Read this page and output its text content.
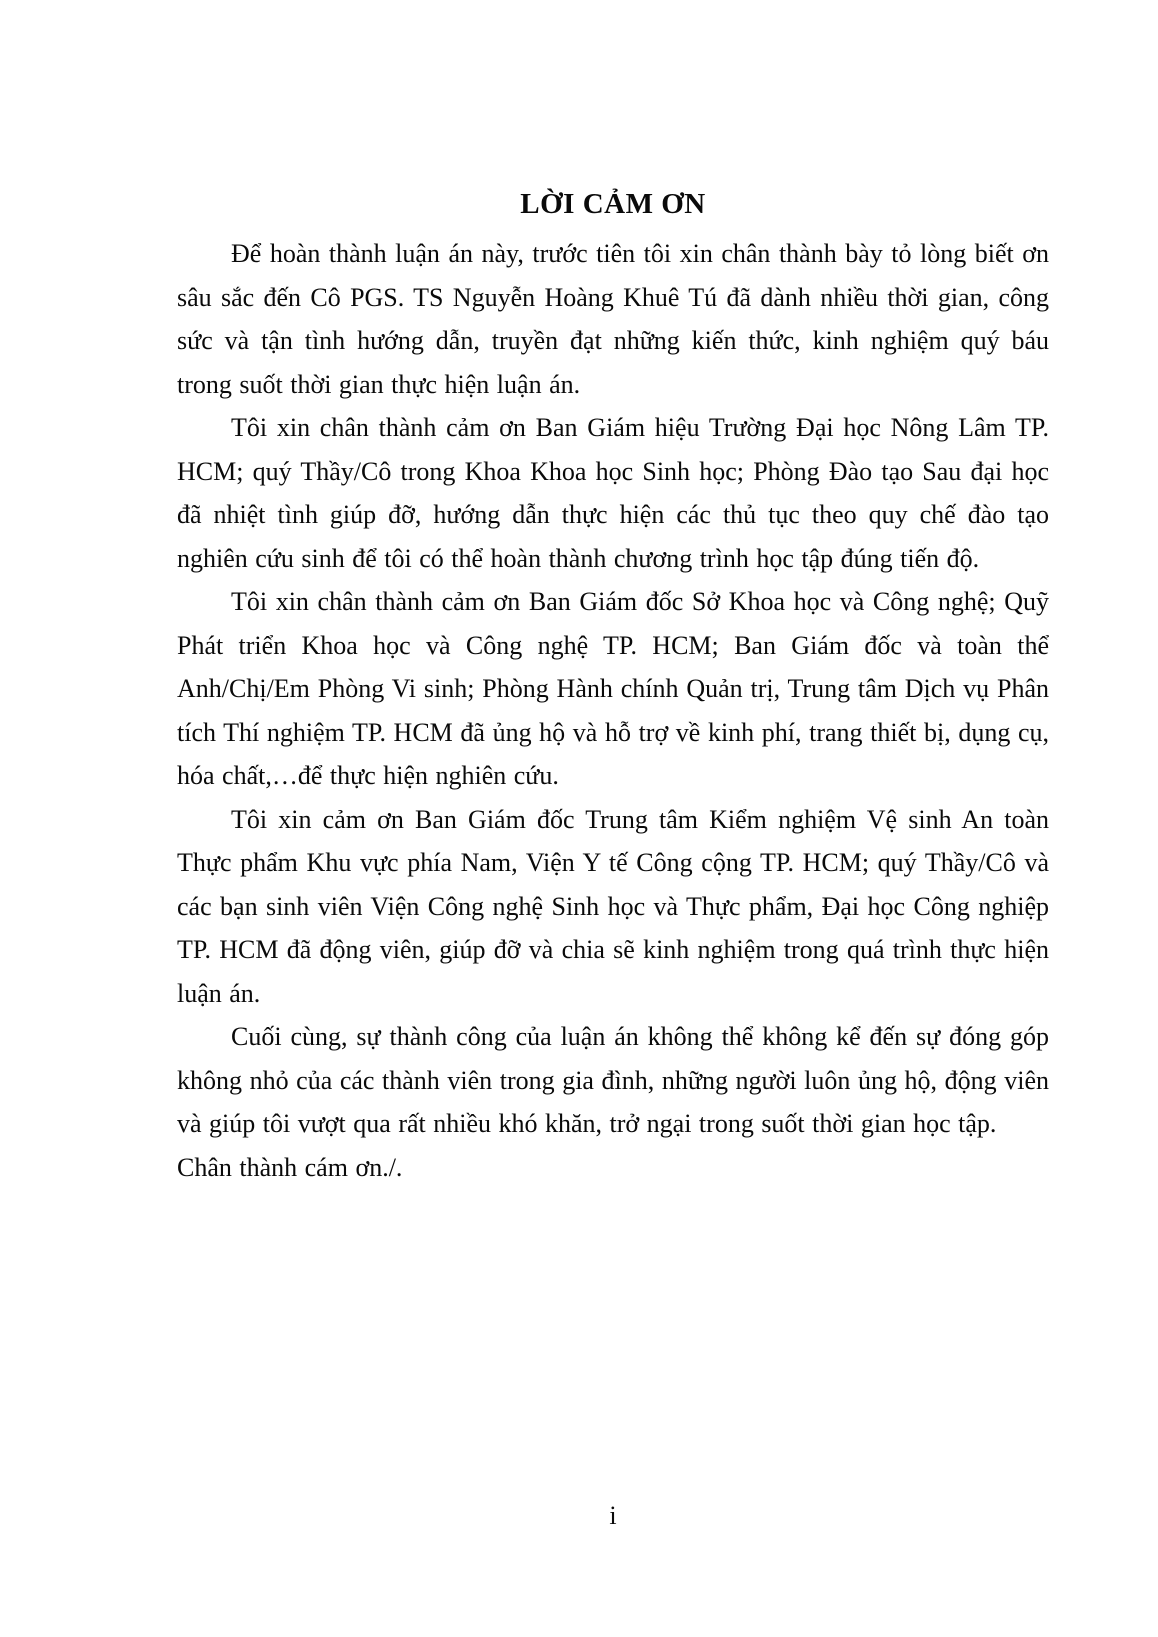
LỜI CẢM ƠN

Để hoàn thành luận án này, trước tiên tôi xin chân thành bày tỏ lòng biết ơn sâu sắc đến Cô PGS. TS Nguyễn Hoàng Khuê Tú đã dành nhiều thời gian, công sức và tận tình hướng dẫn, truyền đạt những kiến thức, kinh nghiệm quý báu trong suốt thời gian thực hiện luận án.

Tôi xin chân thành cảm ơn Ban Giám hiệu Trường Đại học Nông Lâm TP. HCM; quý Thầy/Cô trong Khoa Khoa học Sinh học; Phòng Đào tạo Sau đại học đã nhiệt tình giúp đỡ, hướng dẫn thực hiện các thủ tục theo quy chế đào tạo nghiên cứu sinh để tôi có thể hoàn thành chương trình học tập đúng tiến độ.

Tôi xin chân thành cảm ơn Ban Giám đốc Sở Khoa học và Công nghệ; Quỹ Phát triển Khoa học và Công nghệ TP. HCM; Ban Giám đốc và toàn thể Anh/Chị/Em Phòng Vi sinh; Phòng Hành chính Quản trị, Trung tâm Dịch vụ Phân tích Thí nghiệm TP. HCM đã ủng hộ và hỗ trợ về kinh phí, trang thiết bị, dụng cụ, hóa chất,…để thực hiện nghiên cứu.

Tôi xin cảm ơn Ban Giám đốc Trung tâm Kiểm nghiệm Vệ sinh An toàn Thực phẩm Khu vực phía Nam, Viện Y tế Công cộng TP. HCM; quý Thầy/Cô và các bạn sinh viên Viện Công nghệ Sinh học và Thực phẩm, Đại học Công nghiệp TP. HCM đã động viên, giúp đỡ và chia sẽ kinh nghiệm trong quá trình thực hiện luận án.

Cuối cùng, sự thành công của luận án không thể không kể đến sự đóng góp không nhỏ của các thành viên trong gia đình, những người luôn ủng hộ, động viên và giúp tôi vượt qua rất nhiều khó khăn, trở ngại trong suốt thời gian học tập.

Chân thành cám ơn./.

i
